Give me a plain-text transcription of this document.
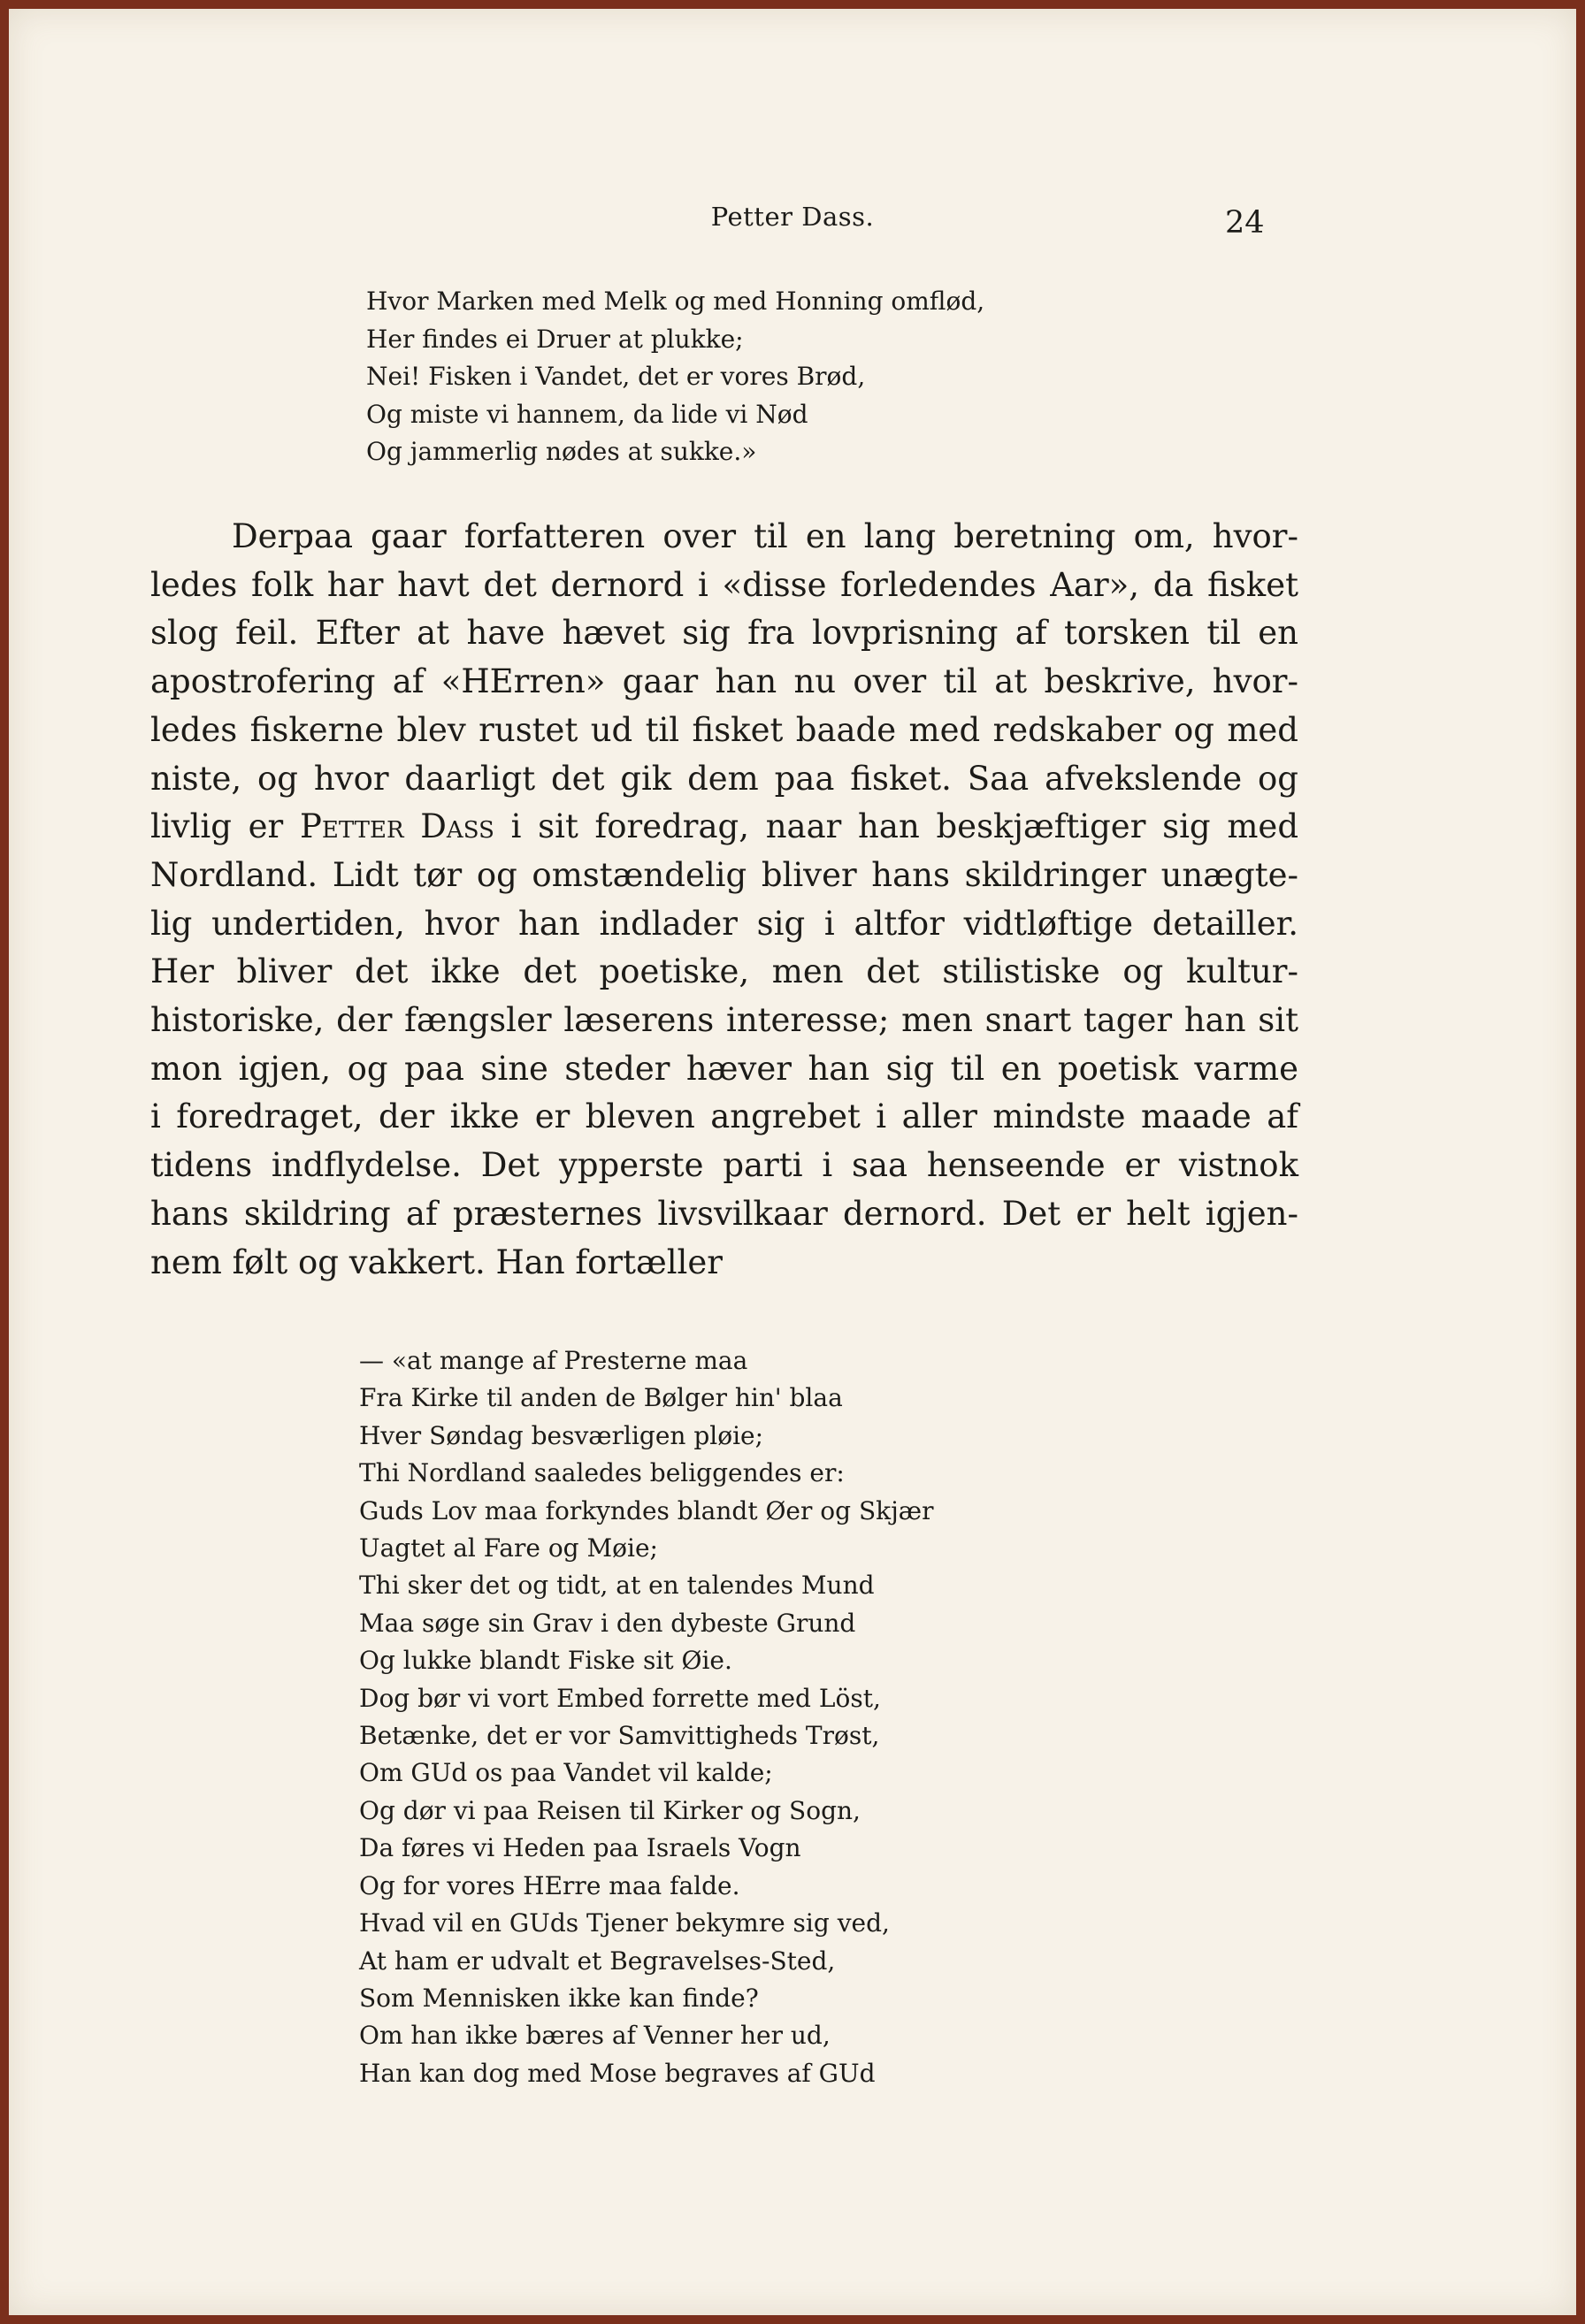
Petter Dass.	24
Hvor Marken med Melk og med Honning omflød,
Her findes ei Druer at plukke;
Nei! Fisken i Vandet, det er vores Brød,
Og miste vi hannem, da lide vi Nød
Og jammerlig nødes at sukke.»
Derpaa gaar forfatteren over til en lang beretning om, hvor-
ledes folk har havt det dernord i «disse forledendes Aar», da fisket
slog feil. Efter at have hævet sig fra lovprisning af torsken til en
apostrofering af «HErren» gaar han nu over til at beskrive, hvor-
ledes fiskerne blev rustet ud til fisket baade med redskaber og med
niste, og hvor daarligt det gik dem paa fisket. Saa afvekslende og
livlig er Petter Dass i sit foredrag, naar han beskjæftiger sig med
Nordland. Lidt tør og omstændelig bliver hans skildringer unægte-
lig undertiden, hvor han indlader sig i altfor vidtløftige detailler.
Her bliver det ikke det poetiske, men det stilistiske og kultur-
historiske, der fængsler læserens interesse; men snart tager han sit
mon igjen, og paa sine steder hæver han sig til en poetisk varme
i foredraget, der ikke er bleven angrebet i aller mindste maade af
tidens indflydelse. Det ypperste parti i saa henseende er vistnok
hans skildring af præsternes livsvilkaar dernord. Det er helt igjen-
nem følt og vakkert. Han fortæller
— «at mange af Presterne maa
Fra Kirke til anden de Bølger hin' blaa
Hver Søndag besværligen pløie;
Thi Nordland saaledes beliggendes er:
Guds Lov maa forkyndes blandt Øer og Skjær
Uagtet al Fare og Møie;
Thi sker det og tidt, at en talendes Mund
Maa søge sin Grav i den dybeste Grund
Og lukke blandt Fiske sit Øie.
Dog bør vi vort Embed forrette med Löst,
Betænke, det er vor Samvittigheds Trøst,
Om GUd os paa Vandet vil kalde;
Og dør vi paa Reisen til Kirker og Sogn,
Da føres vi Heden paa Israels Vogn
Og for vores HErre maa falde.
Hvad vil en GUds Tjener bekymre sig ved,
At ham er udvalt et Begravelses-Sted,
Som Mennisken ikke kan finde?
Om han ikke bæres af Venner her ud,
Han kan dog med Mose begraves af GUd
